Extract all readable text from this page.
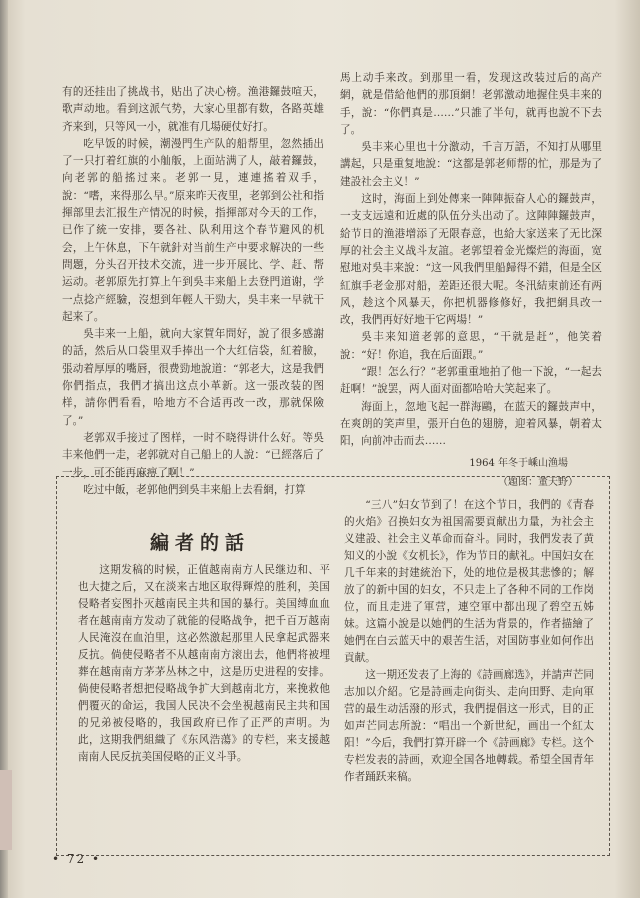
有的还挂出了挑战书，贴出了决心榜。渔港鑼鼓喧天，歌声动地。看到这派气势，大家心里都有数，各路英雄齐来到，只等风一小，就准有几場硬仗好打。

吃早饭的时候，潮漫門生产队的船帮里，忽然插出了一只打着红旗的小舢舨，上面站满了人，敲着鑼鼓，向老郭的船搖过来。老郭一見，連連搖着双手，說：“嗜，来得那么早。”原来昨天夜里，老郭到公社和指揮部里去汇报生产情况的时候，指揮部对今天的工作，已作了統一安排，要各社、队利用这个春节避风的机会，上午休息，下午就針对当前生产中要求解决的一些問題，分头召开技术交流，进一步开展比、学、赶、帮运动。老郭原先打算上午到吳丰来船上去登門道谢，学一点捻产經驗，沒想到年輕人干勁大，吳丰来一早就干起来了。

吳丰来一上船，就向大家賀年問好，說了很多感謝的話，然后从口袋里双手捧出一个大红信袋，紅着臉，張动着厚厚的嘴唇，很费勁地說道：“郭老大，这是我們你們指点，我們才搞出这点小革新。这一張改装的图样，請你們看看，哈地方不合适再改一改，那就保險了。”

老郭双手接过了图样，一时不晓得讲什么好。等吳丰来他們一走，老郭就对自己船上的人說：“已經落后了一步，可不能再麻痹了啊！”

吃过中飯，老郭他們到吳丰来船上去看網，打算

馬上动手来改。到那里一看，发现这改装过后的高产網，就是借給他們的那頂網！老郭激动地握住吳丰来的手，說：“你們真是……”只誰了半句，就再也說不下去了。

吳丰来心里也十分激动，千言万語，不知打从哪里講起，只是重复地說：“这都是郭老师帮的忙，那是为了建設社会主义！”

这时，海面上到处傳来一陣陣振奋人心的鑼鼓声，一支支远遠和近處的队伍分头出动了。这陣陣鑼鼓声，給节日的渔港增添了无限春意，也給大家送来了无比深厚的社会主义战斗友誼。老郭望着金光燦烂的海面，宽慰地对吳丰来說：“这一风我們里船歸得不錯，但是全区紅旗手老金那对船，差距还很大呢。冬汛結束前还有两风，趁这个风暴天，你把机器修修好，我把網具改一改，我們再好好地干它两場！”

吳丰来知道老郭的意思，“干就是赶”，他笑着說：“好！你追，我在后面跟。”

“跟！怎么行？”老郭重重地拍了他一下說，“一起去赶啊！”說罢，两人面对面都哈哈大笑起来了。

海面上，忽地飞起一群海鷗，在蓝天的鑼鼓声中，在爽朗的笑声里，張开白色的翅膀，迎着风暴，朝着太阳，向前冲击而去……

1964 年冬于嵊山渔場
（題图：董天野）
編者的話

这期发稿的时候，正值越南南方人民继边和、平也大捷之后，又在淡来古地区取得輝煌的胜利，美国侵略者妄图扑灭越南民主共和国的暴行。美国缚血血者在越南南方发动了就能的侵略战争，把千百万越南人民淹沒在血泊里，这必然激起那里人民拿起武器来反抗。倘使侵略者不从越南南方滚出去，他們将被埋葬在越南南方茅茅丛林之中，这是历史进程的安排。倘使侵略者想把侵略战争扩大到越南北方，来挽救他們覆灭的命运，我国人民决不会坐視越南民主共和国的兄弟被侵略的，我国政府已作了正严的声明。为此，这期我們組織了《东风浩蕩》的专栏，来支援越南南人民反抗美国侵略的正义斗爭。

“三八”妇女节到了！在这个节日，我們的《青春的火焰》召换妇女为祖国需要貢献出力量，为社会主义建設、社会主义革命而奋斗。同时，我們发表了黄知义的小說《女机长》，作为节日的献礼。中国妇女在几千年来的封建統治下，处的地位是极其悲慘的；解放了的新中国的妇女，不只走上了各种不同的工作岗位，而且走进了軍营，連空軍中都出现了碧空五姊妹。这篇小說是以她們的生活为背景的，作者描繪了她們在白云蓝天中的艰苦生活，对国防事业如何作出貢献。

这一期还发表了上海的《詩画廊选》，并請声芒同志加以介紹。它是詩画走向街头、走向田野、走向軍营的最生动活潑的形式，我們提倡这一形式，目的正如声芒同志所說：“唱出一个新世紀，画出一个紅太阳！”今后，我們打算开辟一个《詩画廊》专栏。这个专栏发表的詩画，欢迎全国各地轉载。希望全国青年作者踊跃来稿。

• 72 •
